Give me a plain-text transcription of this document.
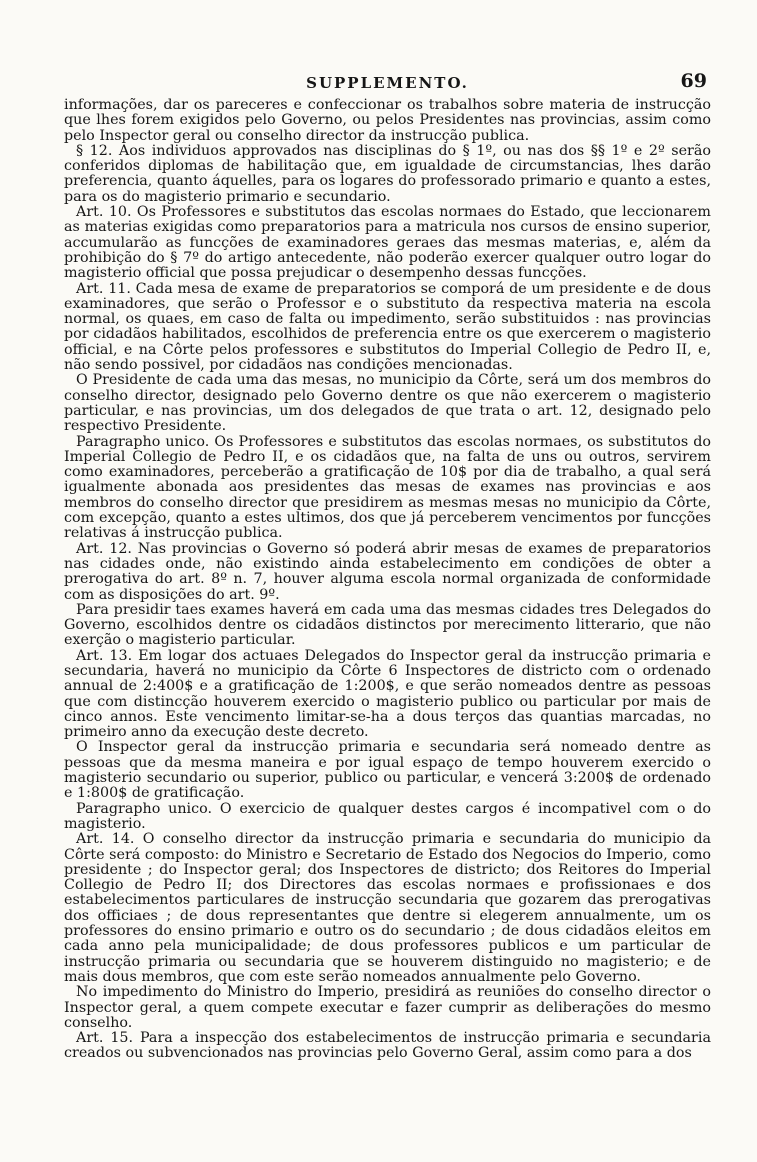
SUPPLEMENTO.	69

informações, dar os pareceres e confeccionar os trabalhos sobre materia de instrucção que lhes forem exigidos pelo Governo, ou pelos Presidentes nas provincias, assim como pelo Inspector geral ou conselho director da instrucção publica.

§ 12. Aos individuos approvados nas disciplinas do § 1º, ou nas dos §§ 1º e 2º serão conferidos diplomas de habilitação que, em igualdade de circumstancias, lhes darão preferencia, quanto áquelles, para os logares do professorado primario e quanto a estes, para os do magisterio primario e secundario.

Art. 10. Os Professores e substitutos das escolas normaes do Estado, que leccionarem as materias exigidas como preparatorios para a matricula nos cursos de ensino superior, accumularão as funcções de examinadores geraes das mesmas materias, e, além da prohibição do § 7º do artigo antecedente, não poderão exercer qualquer outro logar do magisterio official que possa prejudicar o desempenho dessas funcções.

Art. 11. Cada mesa de exame de preparatorios se comporá de um presidente e de dous examinadores, que serão o Professor e o substituto da respectiva materia na escola normal, os quaes, em caso de falta ou impedimento, serão substituidos : nas provincias por cidadãos habilitados, escolhidos de preferencia entre os que exercerem o magisterio official, e na Côrte pelos professores e substitutos do Imperial Collegio de Pedro II, e, não sendo possivel, por cidadãos nas condições mencionadas.

O Presidente de cada uma das mesas, no municipio da Côrte, será um dos membros do conselho director, designado pelo Governo dentre os que não exercerem o magisterio particular, e nas provincias, um dos delegados de que trata o art. 12, designado pelo respectivo Presidente.

Paragrapho unico. Os Professores e substitutos das escolas normaes, os substitutos do Imperial Collegio de Pedro II, e os cidadãos que, na falta de uns ou outros, servirem como examinadores, perceberão a gratificação de 10$ por dia de trabalho, a qual será igualmente abonada aos presidentes das mesas de exames nas provincias e aos membros do conselho director que presidirem as mesmas mesas no municipio da Côrte, com excepção, quanto a estes ultimos, dos que já perceberem vencimentos por funcções relativas á instrucção publica.

Art. 12. Nas provincias o Governo só poderá abrir mesas de exames de preparatorios nas cidades onde, não existindo ainda estabelecimento em condições de obter a prerogativa do art. 8º n. 7, houver alguma escola normal organizada de conformidade com as disposições do art. 9º.

Para presidir taes exames haverá em cada uma das mesmas cidades tres Delegados do Governo, escolhidos dentre os cidadãos distinctos por merecimento litterario, que não exerção o magisterio particular.

Art. 13. Em logar dos actuaes Delegados do Inspector geral da instrucção primaria e secundaria, haverá no municipio da Côrte 6 Inspectores de districto com o ordenado annual de 2:400$ e a gratificação de 1:200$, e que serão nomeados dentre as pessoas que com distincção houverem exercido o magisterio publico ou particular por mais de cinco annos. Este vencimento limitar-se-ha a dous terços das quantias marcadas, no primeiro anno da execução deste decreto.

O Inspector geral da instrucção primaria e secundaria será nomeado dentre as pessoas que da mesma maneira e por igual espaço de tempo houverem exercido o magisterio secundario ou superior, publico ou particular, e vencerá 3:200$ de ordenado e 1:800$ de gratificação.

Paragrapho unico. O exercicio de qualquer destes cargos é incompativel com o do magisterio.

Art. 14. O conselho director da instrucção primaria e secundaria do municipio da Côrte será composto: do Ministro e Secretario de Estado dos Negocios do Imperio, como presidente ; do Inspector geral; dos Inspectores de districto; dos Reitores do Imperial Collegio de Pedro II; dos Directores das escolas normaes e profissionaes e dos estabelecimentos particulares de instrucção secundaria que gozarem das prerogativas dos officiaes ; de dous representantes que dentre si elegerem annualmente, um os professores do ensino primario e outro os do secundario ; de dous cidadãos eleitos em cada anno pela municipalidade; de dous professores publicos e um particular de instrucção primaria ou secundaria que se houverem distinguido no magisterio; e de mais dous membros, que com este serão nomeados annualmente pelo Governo.

No impedimento do Ministro do Imperio, presidirá as reuniões do conselho director o Inspector geral, a quem compete executar e fazer cumprir as deliberações do mesmo conselho.

Art. 15. Para a inspecção dos estabelecimentos de instrucção primaria e secundaria creados ou subvencionados nas provincias pelo Governo Geral, assim como para a dos
